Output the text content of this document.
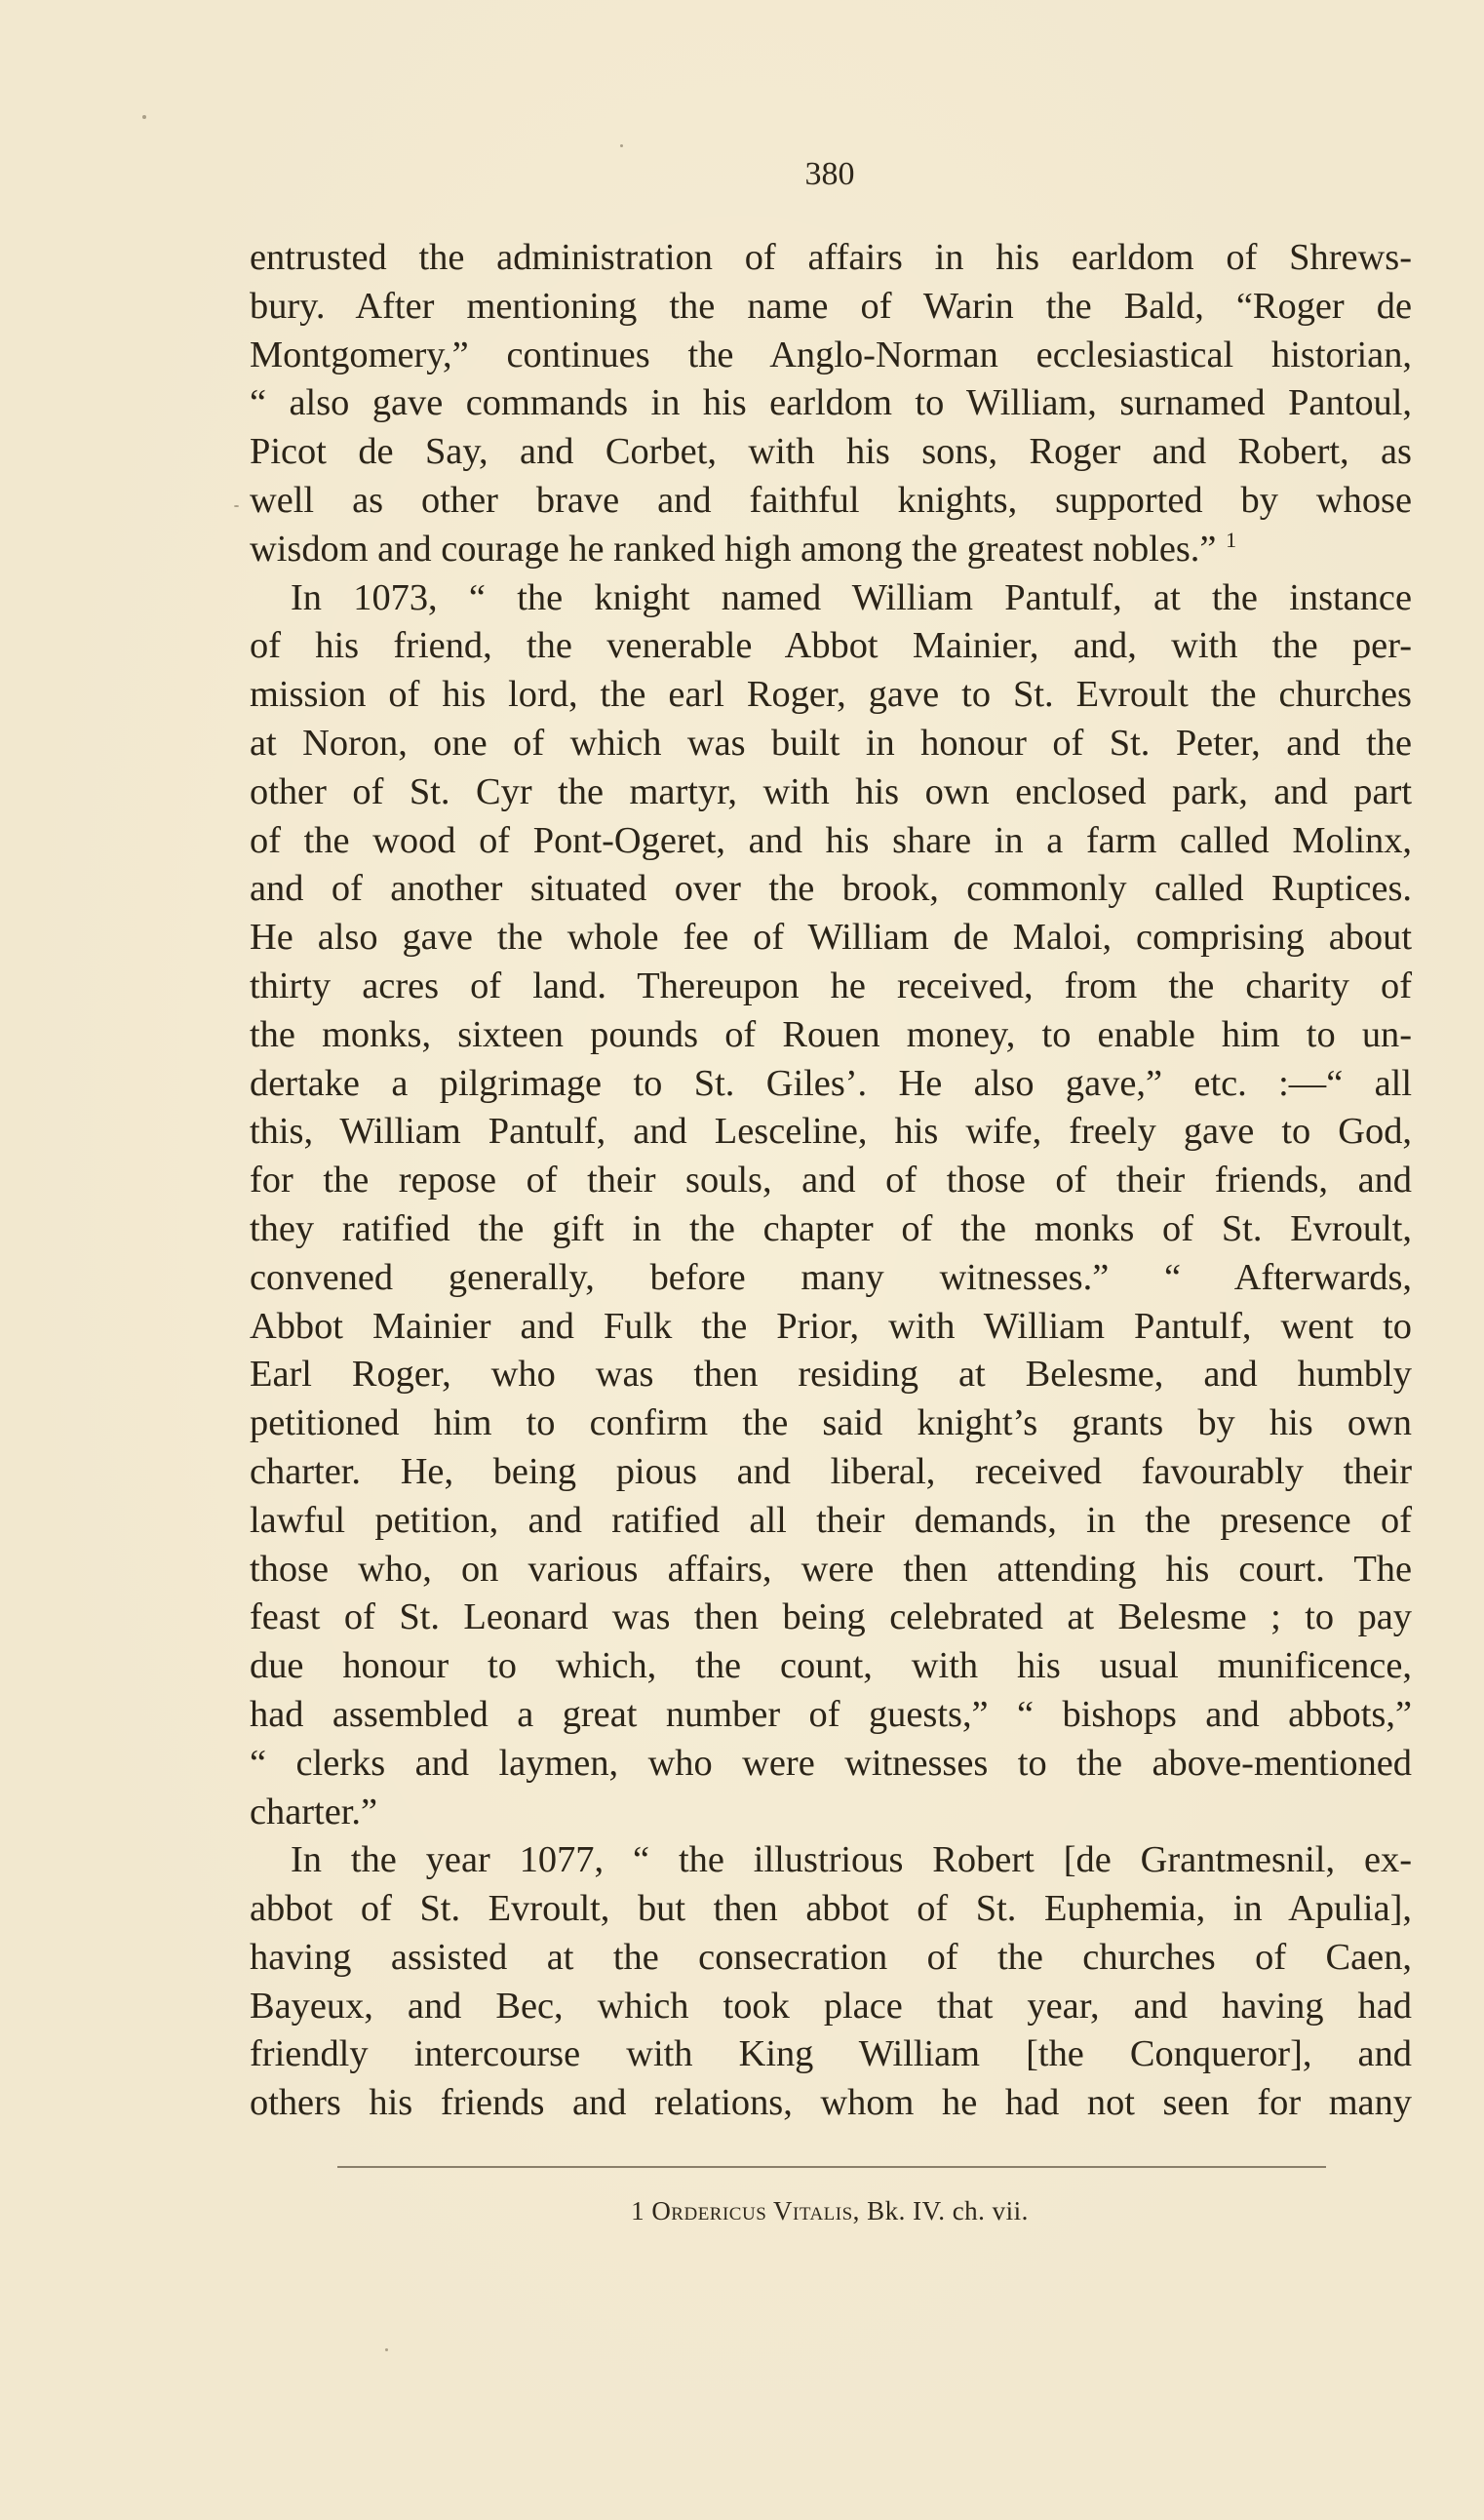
380
entrusted the administration of affairs in his earldom of Shrews-
bury. After mentioning the name of Warin the Bald, “Roger de
Montgomery,” continues the Anglo-Norman ecclesiastical historian,
“ also gave commands in his earldom to William, surnamed Pantoul,
Picot de Say, and Corbet, with his sons, Roger and Robert, as
well as other brave and faithful knights, supported by whose
wisdom and courage he ranked high among the greatest nobles.” $^1$
In 1073, “ the knight named William Pantulf, at the instance
of his friend, the venerable Abbot Mainier, and, with the per-
mission of his lord, the earl Roger, gave to St. Evroult the churches
at Noron, one of which was built in honour of St. Peter, and the
other of St. Cyr the martyr, with his own enclosed park, and part
of the wood of Pont-Ogeret, and his share in a farm called Molinx,
and of another situated over the brook, commonly called Ruptices.
He also gave the whole fee of William de Maloi, comprising about
thirty acres of land. Thereupon he received, from the charity of
the monks, sixteen pounds of Rouen money, to enable him to un-
dertake a pilgrimage to St. Giles’. He also gave,” etc. :—“ all
this, William Pantulf, and Lesceline, his wife, freely gave to God,
for the repose of their souls, and of those of their friends, and
they ratified the gift in the chapter of the monks of St. Evroult,
convened generally, before many witnesses.” “ Afterwards,
Abbot Mainier and Fulk the Prior, with William Pantulf, went to
Earl Roger, who was then residing at Belesme, and humbly
petitioned him to confirm the said knight’s grants by his own
charter. He, being pious and liberal, received favourably their
lawful petition, and ratified all their demands, in the presence of
those who, on various affairs, were then attending his court. The
feast of St. Leonard was then being celebrated at Belesme ; to pay
due honour to which, the count, with his usual munificence,
had assembled a great number of guests,” “ bishops and abbots,”
“ clerks and laymen, who were witnesses to the above-mentioned
charter.”
In the year 1077, “ the illustrious Robert [de Grantmesnil, ex-
abbot of St. Evroult, but then abbot of St. Euphemia, in Apulia],
having assisted at the consecration of the churches of Caen,
Bayeux, and Bec, which took place that year, and having had
friendly intercourse with King William [the Conqueror], and
others his friends and relations, whom he had not seen for many
1 Ordericus Vitalis, Bk. IV. ch. vii.
